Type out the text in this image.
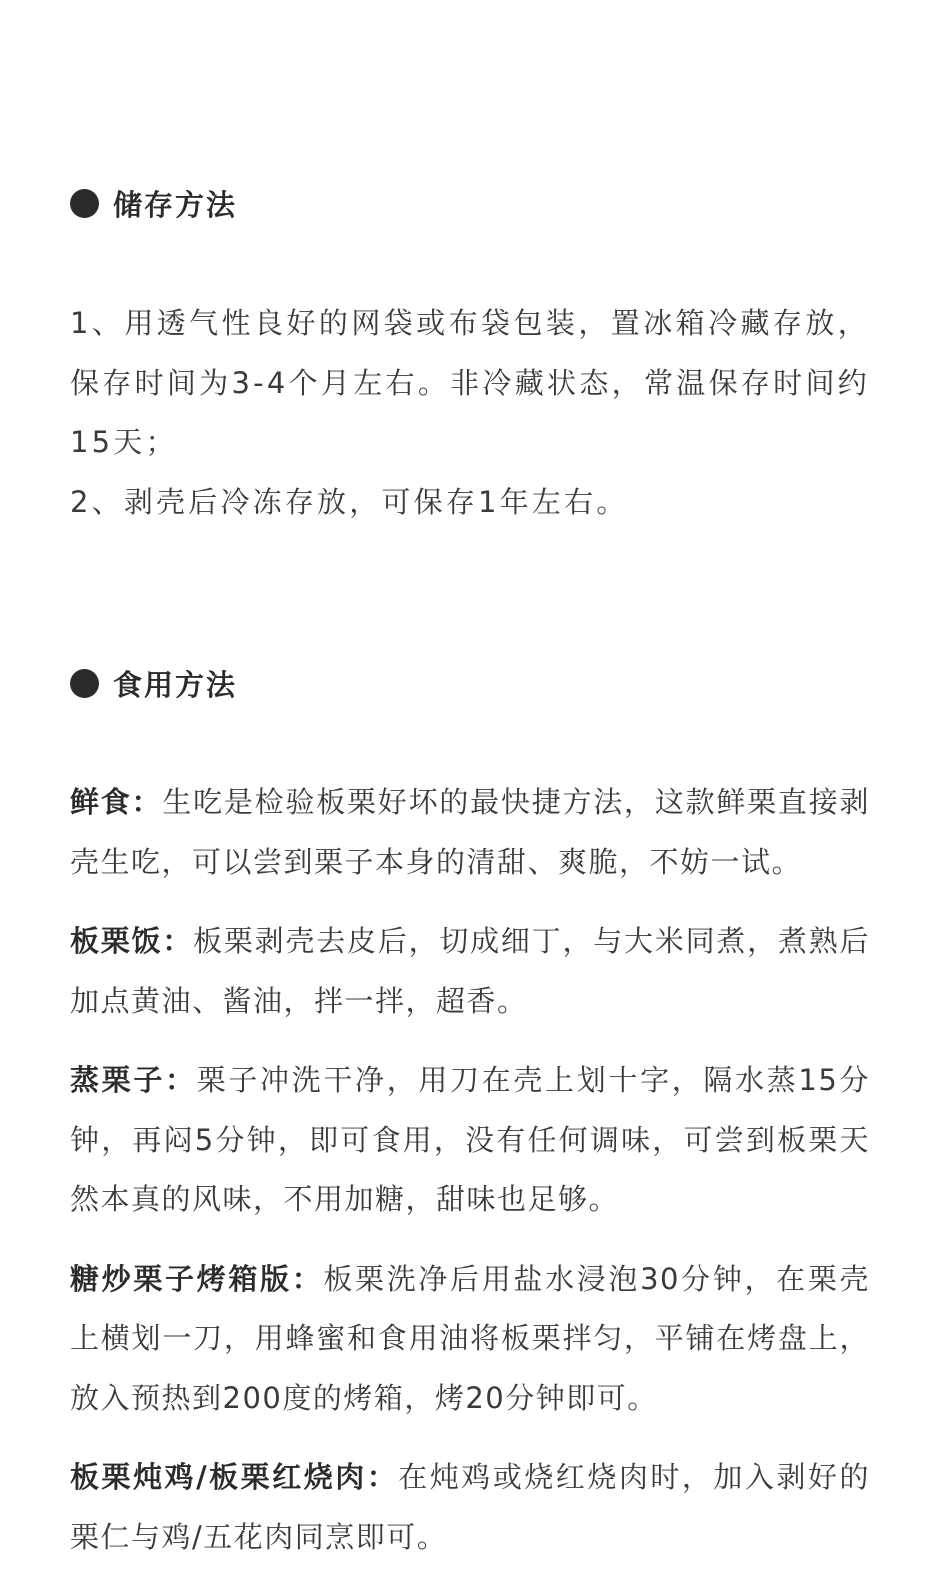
储存方法

1、用透气性良好的网袋或布袋包装，置冰箱冷藏存放，保存时间为3-4个月左右。非冷藏状态，常温保存时间约15天；

2、剥壳后冷冻存放，可保存1年左右。

食用方法

鲜食：生吃是检验板栗好坏的最快捷方法，这款鲜栗直接剥壳生吃，可以尝到栗子本身的清甜、爽脆，不妨一试。

板栗饭：板栗剥壳去皮后，切成细丁，与大米同煮，煮熟后加点黄油、酱油，拌一拌，超香。

蒸栗子：栗子冲洗干净，用刀在壳上划十字，隔水蒸15分钟，再闷5分钟，即可食用，没有任何调味，可尝到板栗天然本真的风味，不用加糖，甜味也足够。

糖炒栗子烤箱版：板栗洗净后用盐水浸泡30分钟，在栗壳上横划一刀，用蜂蜜和食用油将板栗拌匀，平铺在烤盘上，放入预热到200度的烤箱，烤20分钟即可。

板栗炖鸡/板栗红烧肉：在炖鸡或烧红烧肉时，加入剥好的栗仁与鸡/五花肉同烹即可。
